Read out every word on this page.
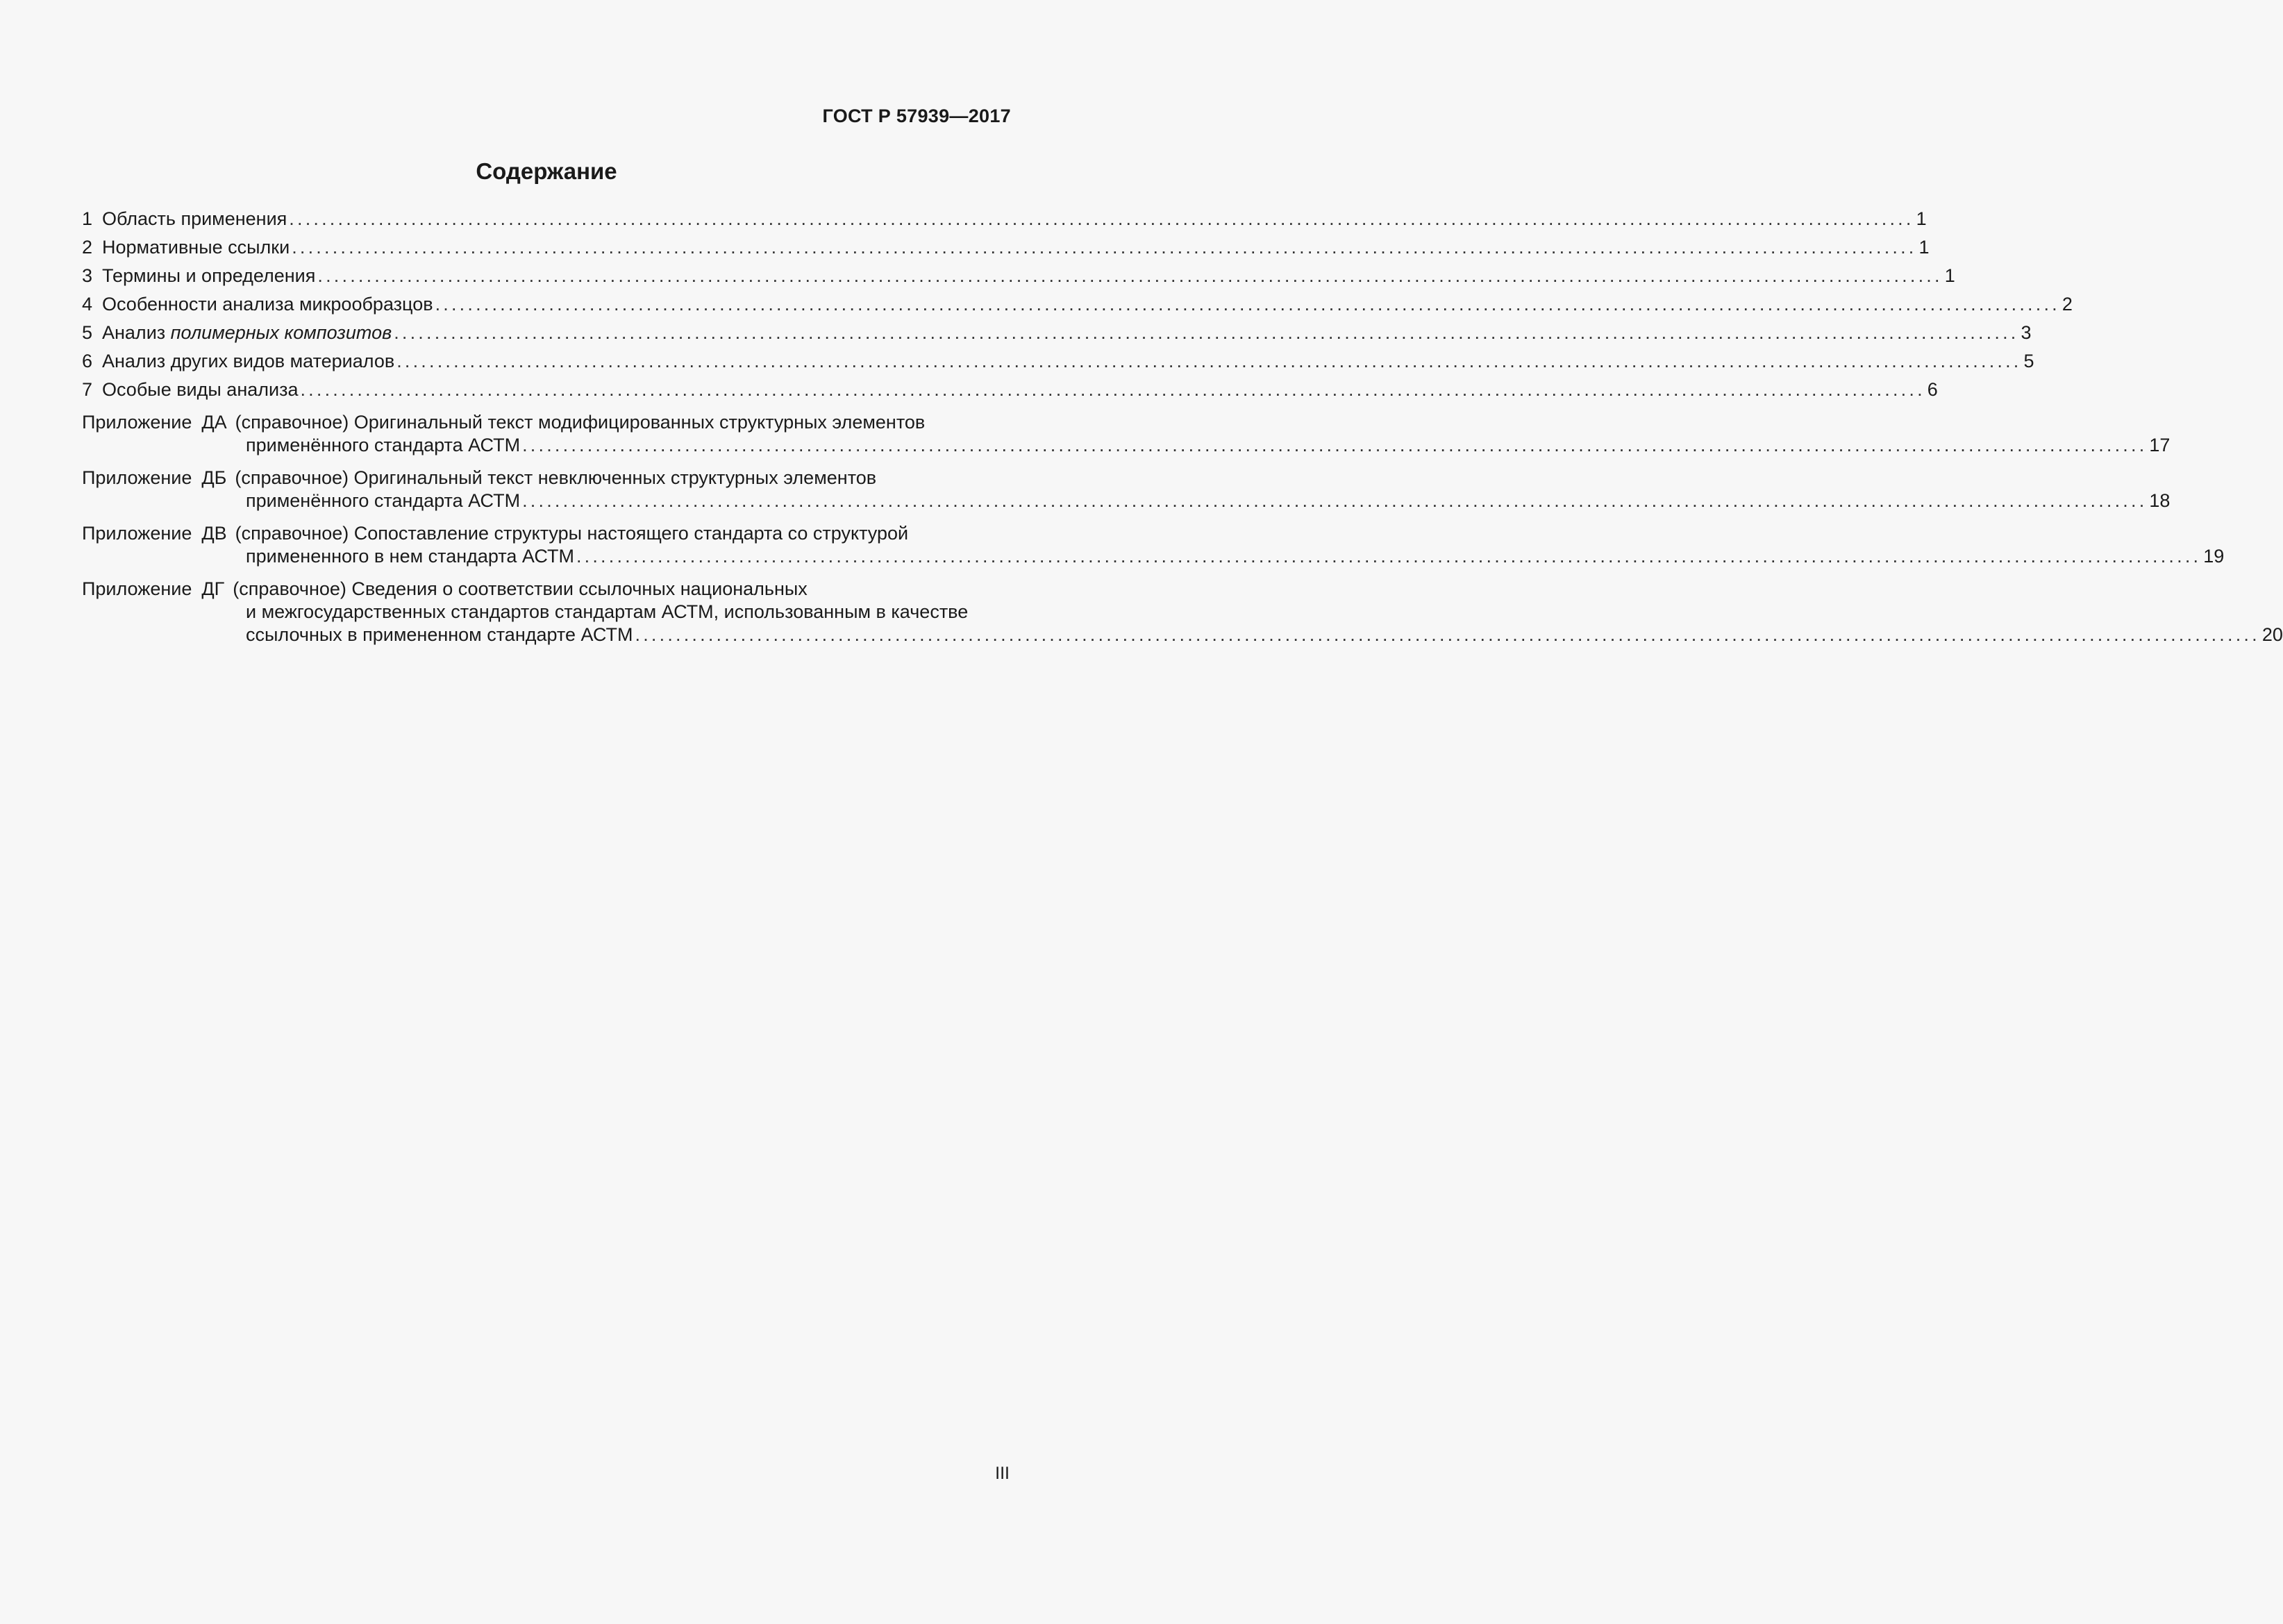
ГОСТ Р 57939—2017
Содержание
1 Область применения ........................................................................................................................................................................................................ 1
2 Нормативные ссылки ........................................................................................................................................................................................................ 1
3 Термины и определения ........................................................................................................................................................................................................ 1
4 Особенности анализа микрообразцов ........................................................................................................................................................................................................ 2
5 Анализ полимерных композитов ........................................................................................................................................................................................................ 3
6 Анализ других видов материалов ........................................................................................................................................................................................................ 5
7 Особые виды анализа ........................................................................................................................................................................................................ 6
Приложение ДА (справочное) Оригинальный текст модифицированных структурных элементов
применённого стандарта АСТМ ........................................................................................................................................................................................................ 17
Приложение ДБ (справочное) Оригинальный текст невключенных структурных элементов
применённого стандарта АСТМ ........................................................................................................................................................................................................ 18
Приложение ДВ (справочное) Сопоставление структуры настоящего стандарта со структурой
примененного в нем стандарта АСТМ ........................................................................................................................................................................................................ 19
Приложение ДГ (справочное) Сведения о соответствии ссылочных национальных
и межгосударственных стандартов стандартам АСТМ, использованным в качестве
ссылочных в примененном стандарте АСТМ ........................................................................................................................................................................................................ 20
III
